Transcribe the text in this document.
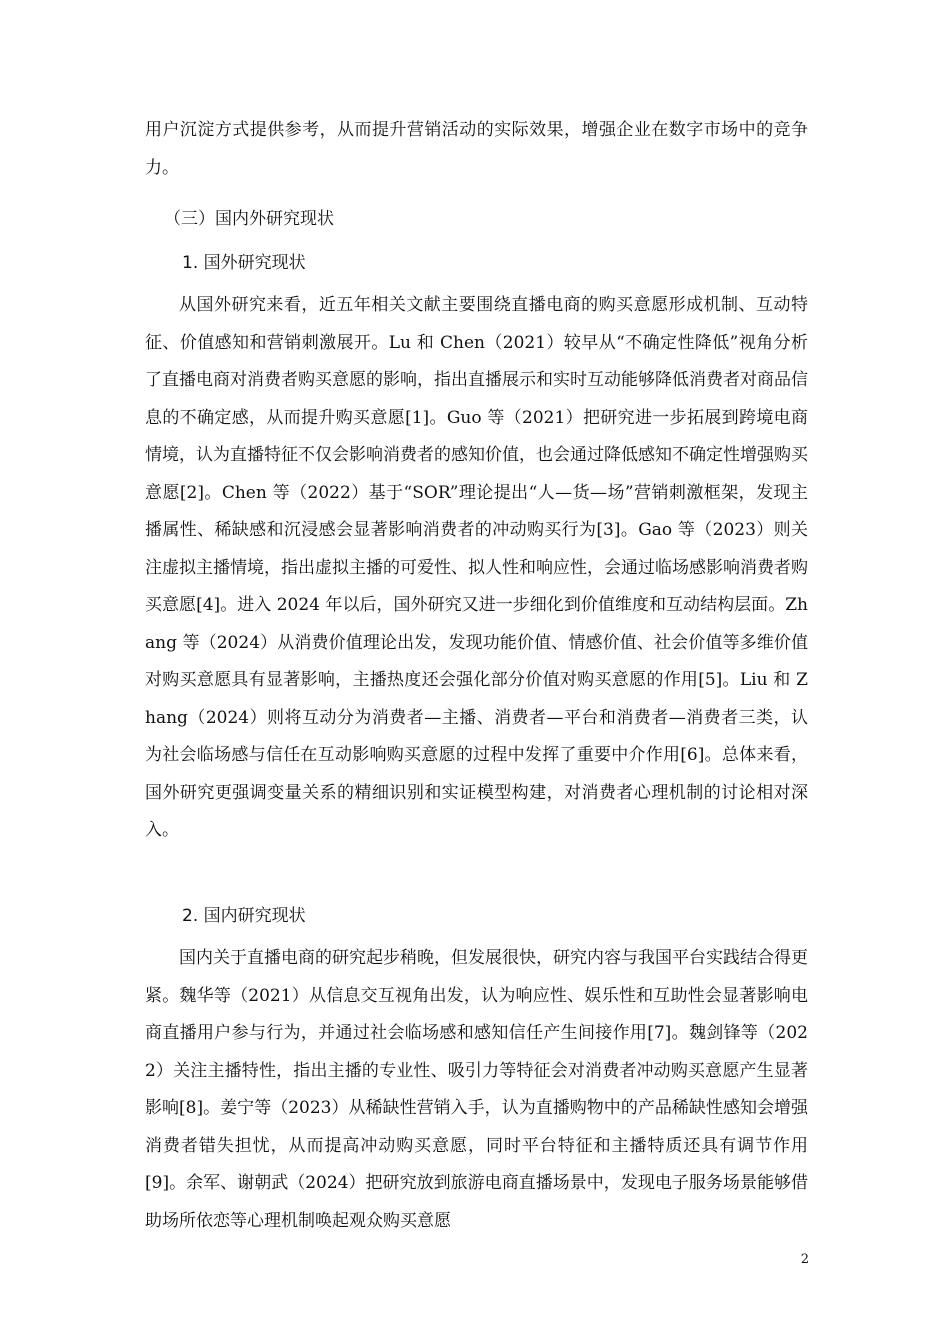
用户沉淀方式提供参考，从而提升营销活动的实际效果，增强企业在数字市场中的竞争力。
（三）国内外研究现状
1. 国外研究现状
从国外研究来看，近五年相关文献主要围绕直播电商的购买意愿形成机制、互动特征、价值感知和营销刺激展开。Lu 和 Chen（2021）较早从“不确定性降低”视角分析了直播电商对消费者购买意愿的影响，指出直播展示和实时互动能够降低消费者对商品信息的不确定感，从而提升购买意愿[1]。Guo 等（2021）把研究进一步拓展到跨境电商情境，认为直播特征不仅会影响消费者的感知价值，也会通过降低感知不确定性增强购买意愿[2]。Chen 等（2022）基于“SOR”理论提出“人—货—场”营销刺激框架，发现主播属性、稀缺感和沉浸感会显著影响消费者的冲动购买行为[3]。Gao 等（2023）则关注虚拟主播情境，指出虚拟主播的可爱性、拟人性和响应性，会通过临场感影响消费者购买意愿[4]。进入 2024 年以后，国外研究又进一步细化到价值维度和互动结构层面。Zhang 等（2024）从消费价值理论出发，发现功能价值、情感价值、社会价值等多维价值对购买意愿具有显著影响，主播热度还会强化部分价值对购买意愿的作用[5]。Liu 和 Zhang（2024）则将互动分为消费者—主播、消费者—平台和消费者—消费者三类，认为社会临场感与信任在互动影响购买意愿的过程中发挥了重要中介作用[6]。总体来看，国外研究更强调变量关系的精细识别和实证模型构建，对消费者心理机制的讨论相对深入。
2. 国内研究现状
国内关于直播电商的研究起步稍晚，但发展很快，研究内容与我国平台实践结合得更紧。魏华等（2021）从信息交互视角出发，认为响应性、娱乐性和互助性会显著影响电商直播用户参与行为，并通过社会临场感和感知信任产生间接作用[7]。魏剑锋等（2022）关注主播特性，指出主播的专业性、吸引力等特征会对消费者冲动购买意愿产生显著影响[8]。姜宁等（2023）从稀缺性营销入手，认为直播购物中的产品稀缺性感知会增强消费者错失担忧，从而提高冲动购买意愿，同时平台特征和主播特质还具有调节作用[9]。余军、谢朝武（2024）把研究放到旅游电商直播场景中，发现电子服务场景能够借助场所依恋等心理机制唤起观众购买意愿
2
